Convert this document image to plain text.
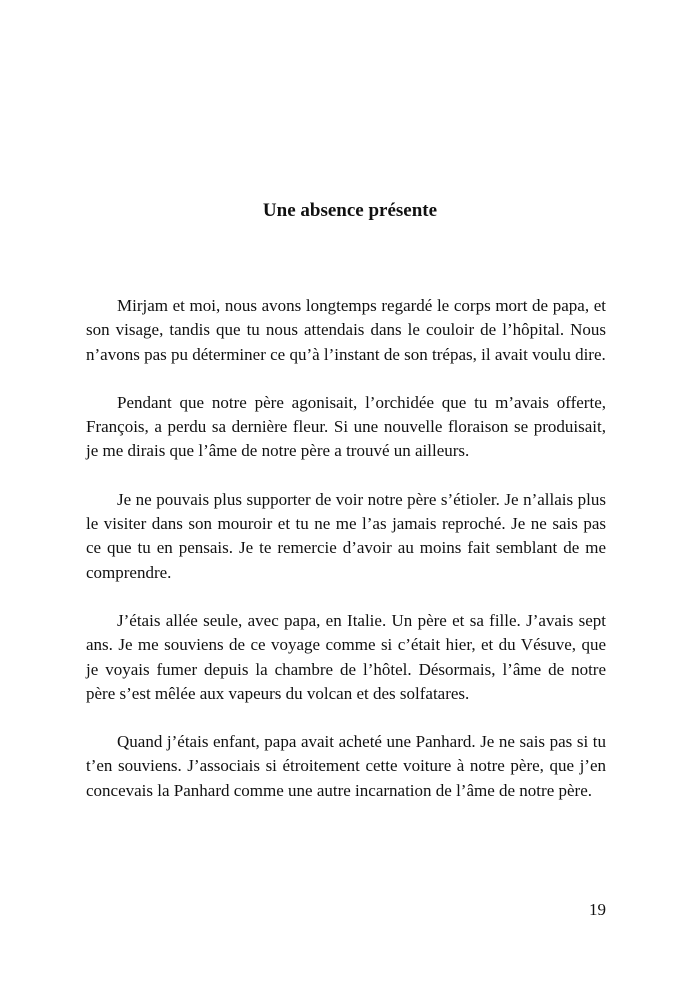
Une absence présente

Mirjam et moi, nous avons longtemps regardé le corps mort de papa, et son visage, tandis que tu nous attendais dans le couloir de l’hôpital. Nous n’avons pas pu déterminer ce qu’à l’instant de son trépas, il avait voulu dire.

Pendant que notre père agonisait, l’orchidée que tu m’avais offerte, François, a perdu sa dernière fleur. Si une nouvelle floraison se produisait, je me dirais que l’âme de notre père a trouvé un ailleurs.

Je ne pouvais plus supporter de voir notre père s’étioler. Je n’allais plus le visiter dans son mouroir et tu ne me l’as jamais reproché. Je ne sais pas ce que tu en pensais. Je te remercie d’avoir au moins fait semblant de me comprendre.

J’étais allée seule, avec papa, en Italie. Un père et sa fille. J’avais sept ans. Je me souviens de ce voyage comme si c’était hier, et du Vésuve, que je voyais fumer depuis la chambre de l’hôtel. Désormais, l’âme de notre père s’est mêlée aux vapeurs du volcan et des solfatares.

Quand j’étais enfant, papa avait acheté une Panhard. Je ne sais pas si tu t’en souviens. J’associais si étroitement cette voiture à notre père, que j’en concevais la Panhard comme une autre incarnation de l’âme de notre père.

19
